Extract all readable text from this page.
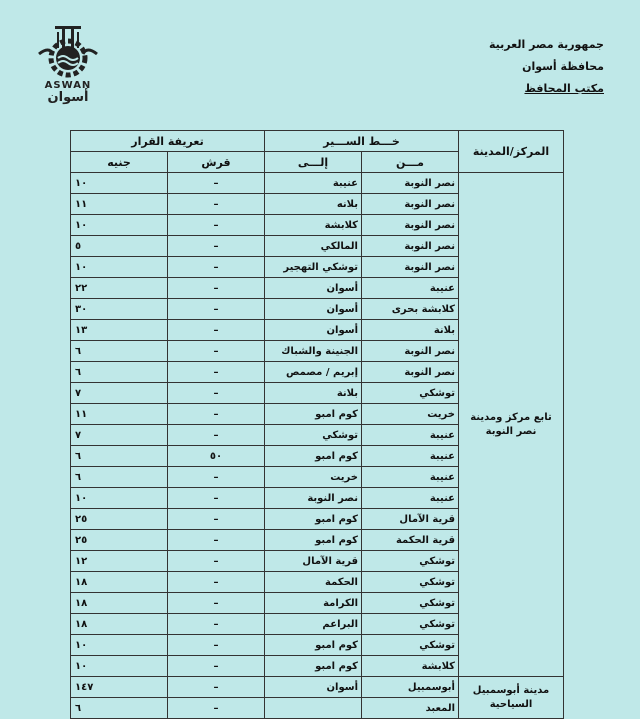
ASWAN
أسوان
جمهورية مصر العربية
محافظة أسوان
مكتب المحافظ
المركز/المدينة	خـــط الســـير		تعريفة القرار	
	مـــن	إلـــى	قرش	جنيه
تابع مركز ومدينة نصر النوبة	نصر النوبة	عنيبة	–	١٠
	نصر النوبة	بلانه	–	١١
	نصر النوبة	كلابشة	–	١٠
	نصر النوبة	المالكي	–	٥
	نصر النوبة	توشكي التهجير	–	١٠
	عنيبة	أسوان	–	٢٢
	كلابشة بحرى	أسوان	–	٣٠
	بلانة	أسوان	–	١٣
	نصر النوبة	الجنينة والشباك	–	٦
	نصر النوبة	إبريم / مصمص	–	٦
	توشكي	بلانة	–	٧
	خريت	كوم امبو	–	١١
	عنيبة	توشكي	–	٧
	عنيبة	كوم امبو	٥٠	٦
	عنيبة	خريت	–	٦
	عنيبة	نصر النوبة	–	١٠
	قرية الآمال	كوم امبو	–	٢٥
	قرية الحكمة	كوم امبو	–	٢٥
	توشكي	قرية الآمال	–	١٢
	توشكي	الحكمة	–	١٨
	توشكي	الكرامة	–	١٨
	توشكي	البراعم	–	١٨
	توشكي	كوم امبو	–	١٠
	كلابشة	كوم امبو	–	١٠
مدينة أبوسمبيل السياحية	أبوسمبيل	أسوان	–	١٤٧
	المعبد		–	٦
